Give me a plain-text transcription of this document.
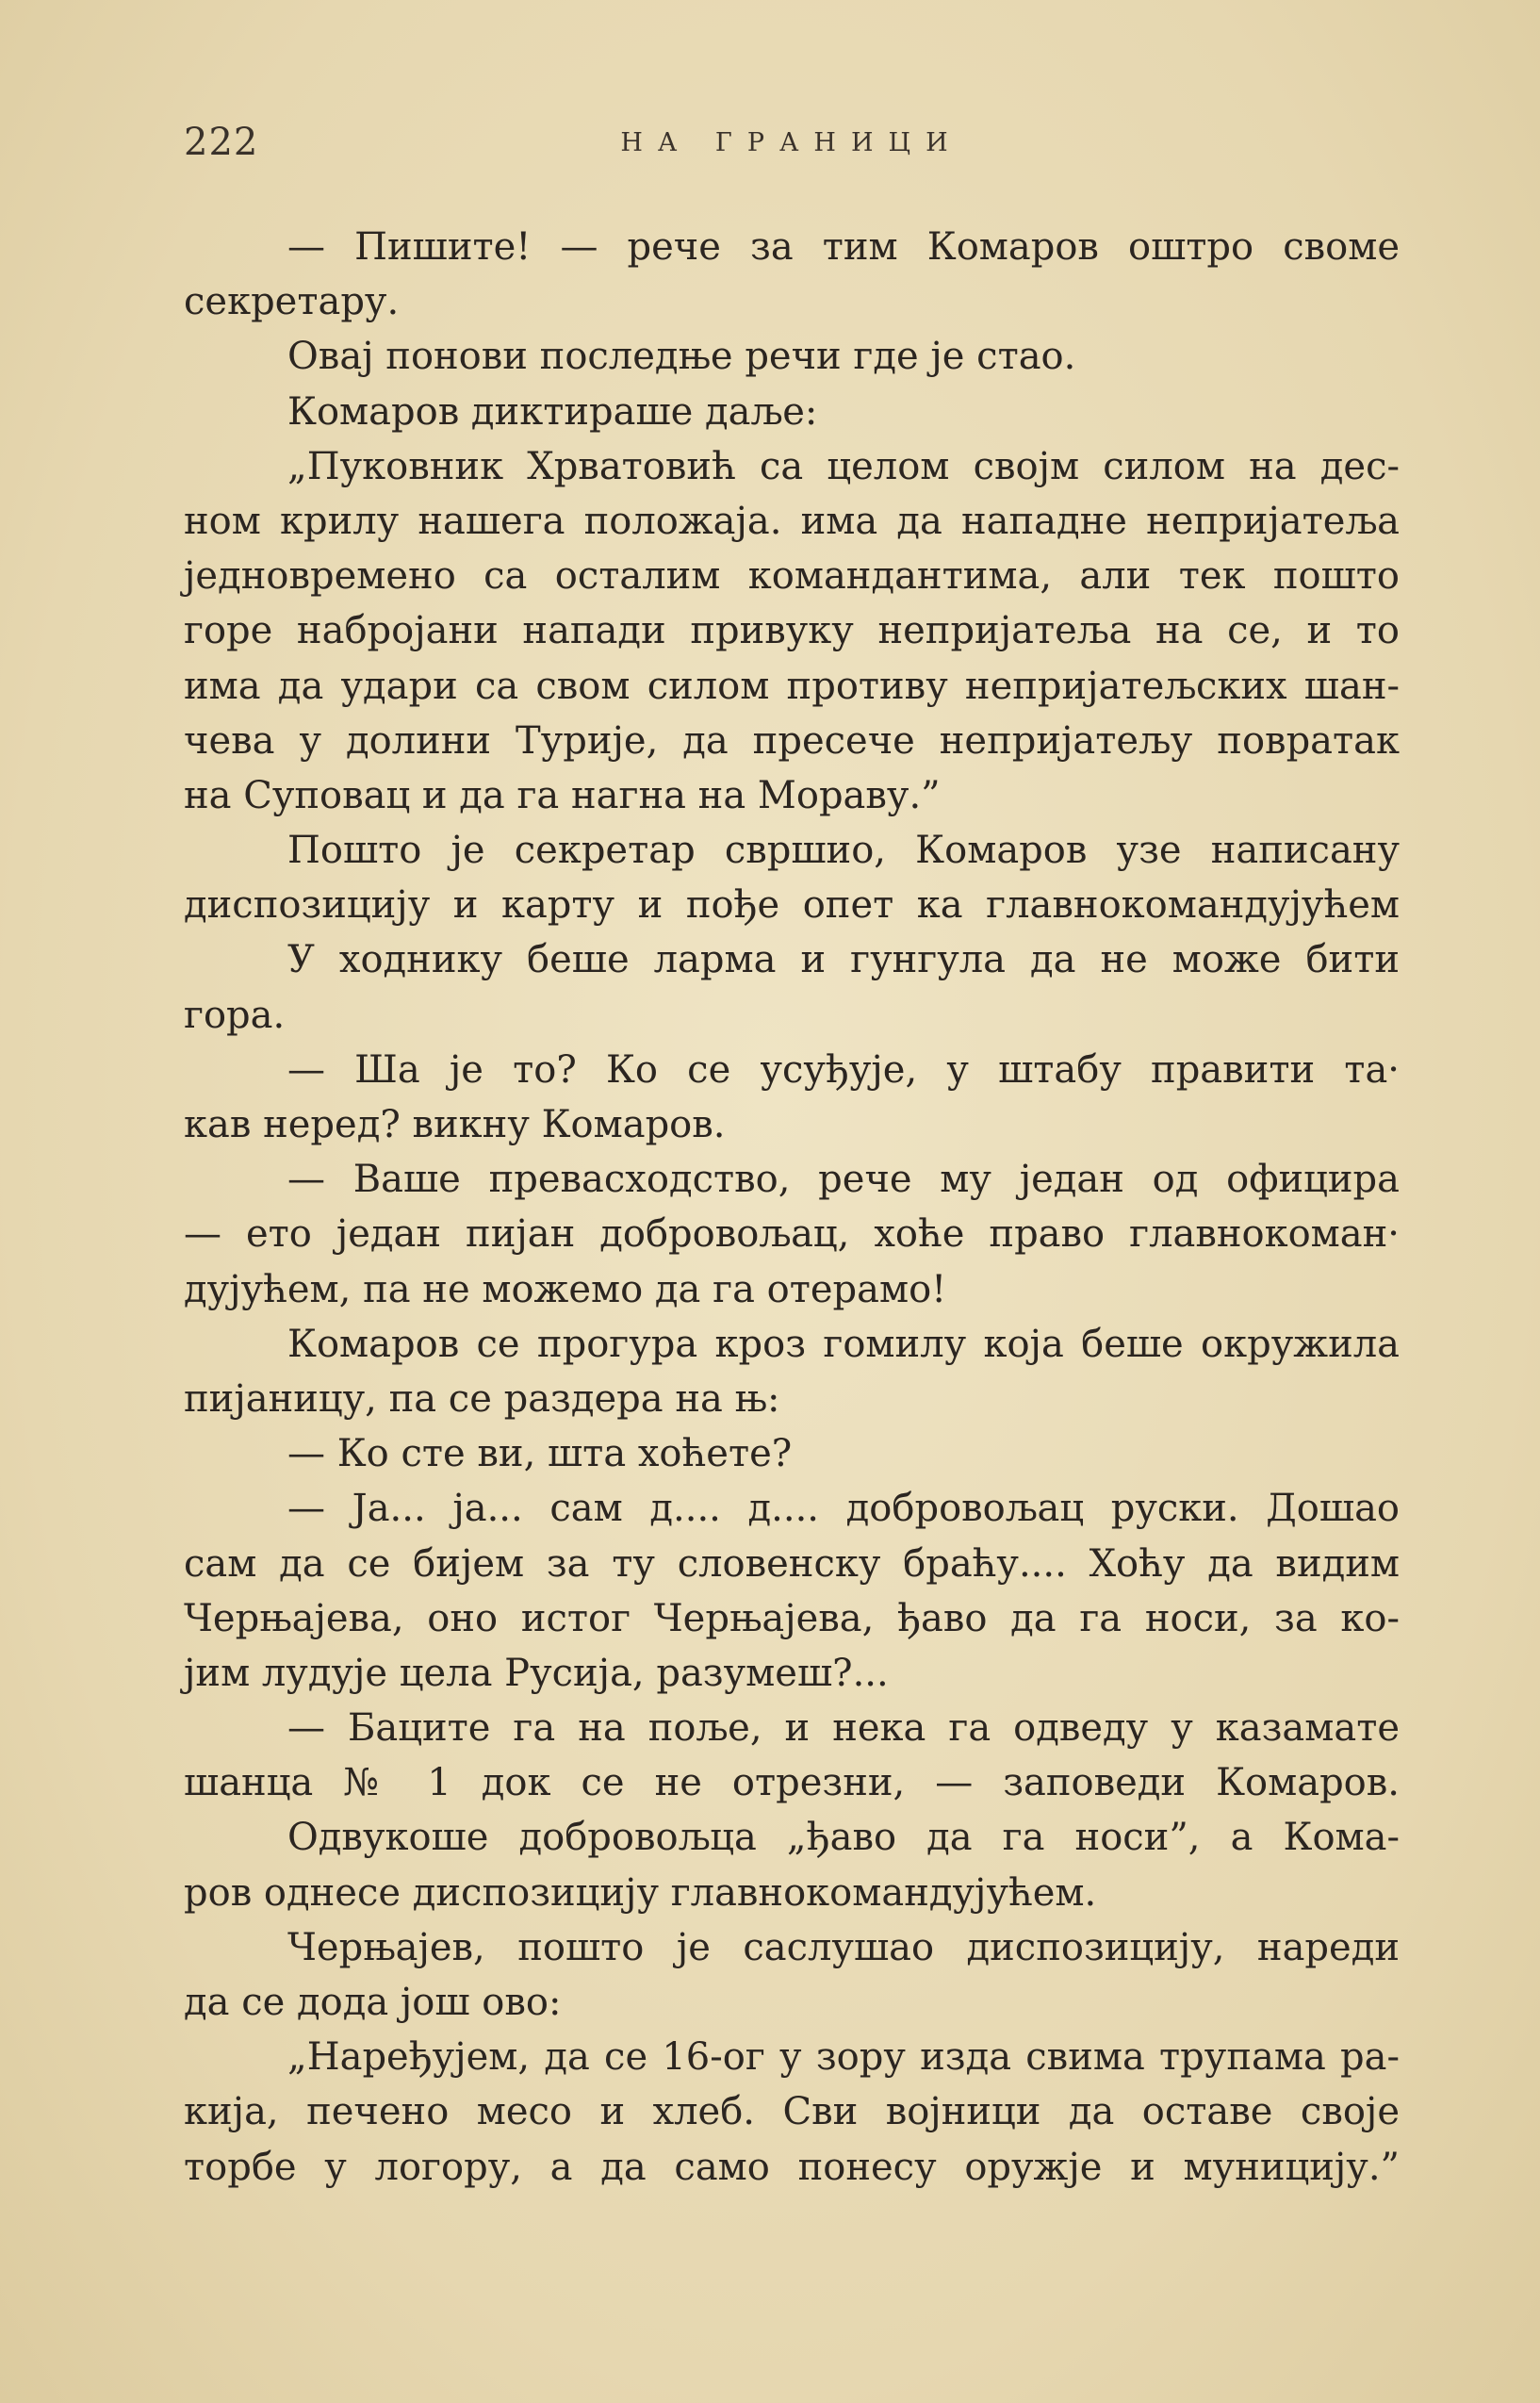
222	НА ГРАНИЦИ
— Пишите! — рече за тим Комаров оштро своме
секретару.
Овај понови последње речи где је стао.
Комаров диктираше даље:
„Пуковник Хрватовић са целом својм силом на дес-
ном крилу нашега положаја. има да нападне непријатеља
једновремено са осталим командантима, али тек пошто
горе набројани напади привуку непријатеља на се, и то
има да удари са свом силом противу непријатељских шан-
чева у долини Турије, да пресече непријатељу повратак
на Суповац и да га нагна на Мораву.”
Пошто је секретар свршио, Комаров узе написану
диспозицију и карту и пође опет ка главнокомандујућем
У ходнику беше ларма и гунгула да не може бити
гора.
— Ша је то? Ко се усуђује, у штабу правити та·
кав неред? викну Комаров.
— Ваше превасходство, рече му један од официра
— ето један пијан добровољац, хоће право главнокоман·
дујућем, па не можемо да га отерамо!
Комаров се прогура кроз гомилу која беше окружила
пијаницу, па се раздера на њ:
— Ко сте ви, шта хоћете?
— Ја... ја... сам д.... д.... добровољац руски. Дошао
сам да се бијем за ту словенску браћу.... Хоћу да видим
Черњајева, оно истог Черњајева, ђаво да га носи, за ко-
јим лудује цела Русија, разумеш?...
— Баците га на поље, и нека га одведу у казамате
шанца № 1 док се не отрезни, — заповеди Комаров.
Одвукоше добровољца „ђаво да га носи”, а Кома-
ров однесе диспозицију главнокомандујућем.
Черњајев, пошто је саслушао диспозицију, нареди
да се дода још ово:
„Наређујем, да се 16-ог у зору изда свима трупама ра-
кија, печено месо и хлеб. Сви војници да оставе своје
торбе у логору, а да само понесу оружје и муницију.”
